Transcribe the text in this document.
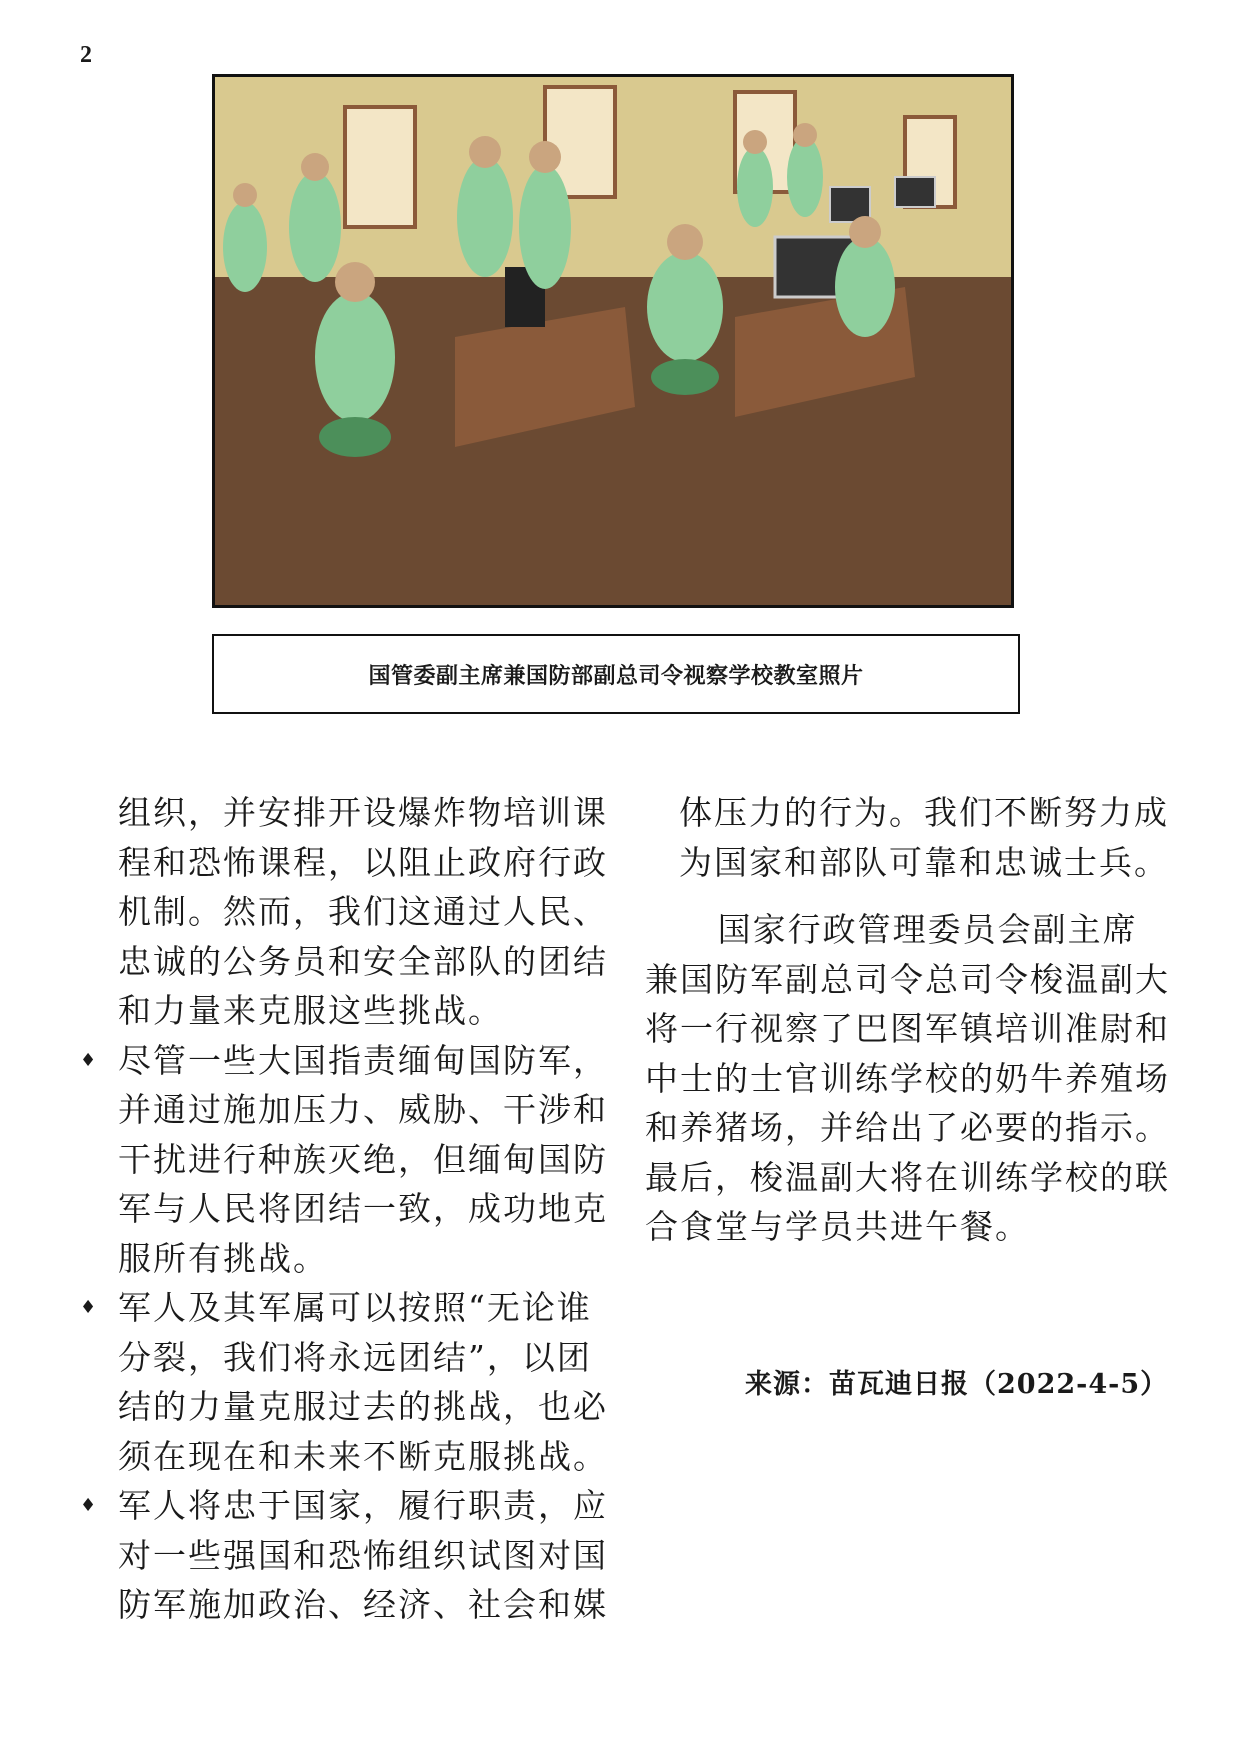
2
国管委副主席兼国防部副总司令视察学校教室照片

组织，并安排开设爆炸物培训课程和恐怖课程，以阻止政府行政机制。然而，我们这通过人民、忠诚的公务员和安全部队的团结和力量来克服这些挑战。

♦ 尽管一些大国指责缅甸国防军，并通过施加压力、威胁、干涉和干扰进行种族灭绝，但缅甸国防军与人民将团结一致，成功地克服所有挑战。
♦ 军人及其军属可以按照“无论谁分裂，我们将永远团结”，以团结的力量克服过去的挑战，也必须在现在和未来不断克服挑战。
♦ 军人将忠于国家，履行职责，应对一些强国和恐怖组织试图对国防军施加政治、经济、社会和媒

体压力的行为。我们不断努力成为国家和部队可靠和忠诚士兵。

国家行政管理委员会副主席兼国防军副总司令总司令梭温副大将一行视察了巴图军镇培训准尉和中士的士官训练学校的奶牛养殖场和养猪场，并给出了必要的指示。最后，梭温副大将在训练学校的联合食堂与学员共进午餐。

来源：苗瓦迪日报（2022-4-5）
